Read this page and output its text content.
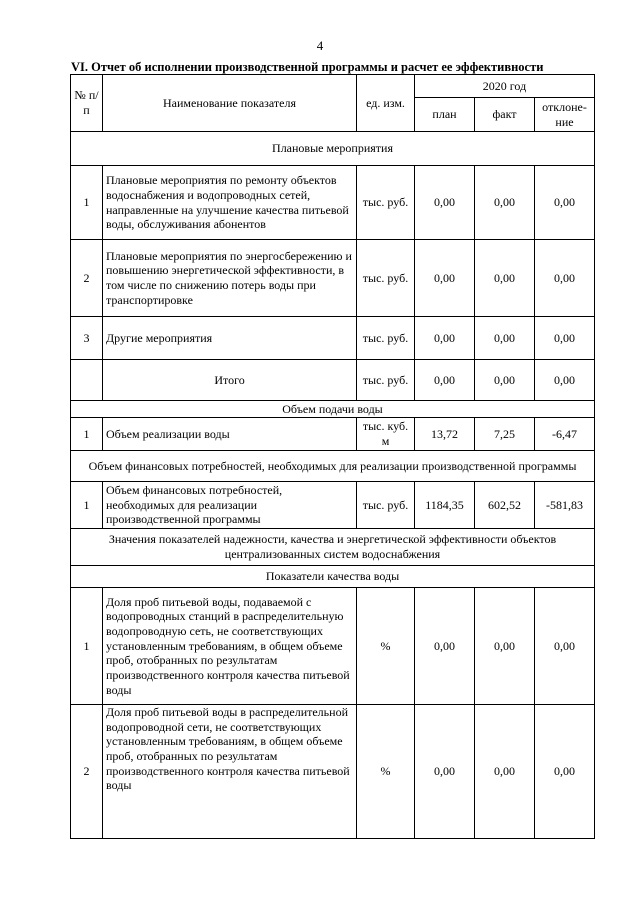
4
VI. Отчет об исполнении производственной программы и расчет ее эффективности
№ п/п	Наименование показателя	ед. изм.	2020 год		
			план	факт	отклоне-ние
Плановые мероприятия					
1	Плановые мероприятия по ремонту объектов водоснабжения и водопроводных сетей, направленные на улучшение качества питьевой воды, обслуживания абонентов	тыс. руб.	0,00	0,00	0,00
2	Плановые мероприятия по энергосбережению и повышению энергетической эффективности, в том числе по снижению потерь воды при транспортировке	тыс. руб.	0,00	0,00	0,00
3	Другие мероприятия	тыс. руб.	0,00	0,00	0,00
	Итого	тыс. руб.	0,00	0,00	0,00
Объем подачи воды					
1	Объем реализации воды	тыс. куб. м	13,72	7,25	-6,47
Объем финансовых потребностей, необходимых для реализации производственной программы					
1	Объем финансовых потребностей, необходимых для реализации производственной программы	тыс. руб.	1184,35	602,52	-581,83
Значения показателей надежности, качества и энергетической эффективности объектов централизованных систем водоснабжения					
Показатели качества воды					
1	Доля проб питьевой воды, подаваемой с водопроводных станций в распределительную водопроводную сеть, не соответствующих установленным требованиям, в общем объеме проб, отобранных по результатам производственного контроля качества питьевой воды	%	0,00	0,00	0,00
2	Доля проб питьевой воды в распределительной водопроводной сети, не соответствующих установленным требованиям, в общем объеме проб, отобранных по результатам производственного контроля качества питьевой воды	%	0,00	0,00	0,00
